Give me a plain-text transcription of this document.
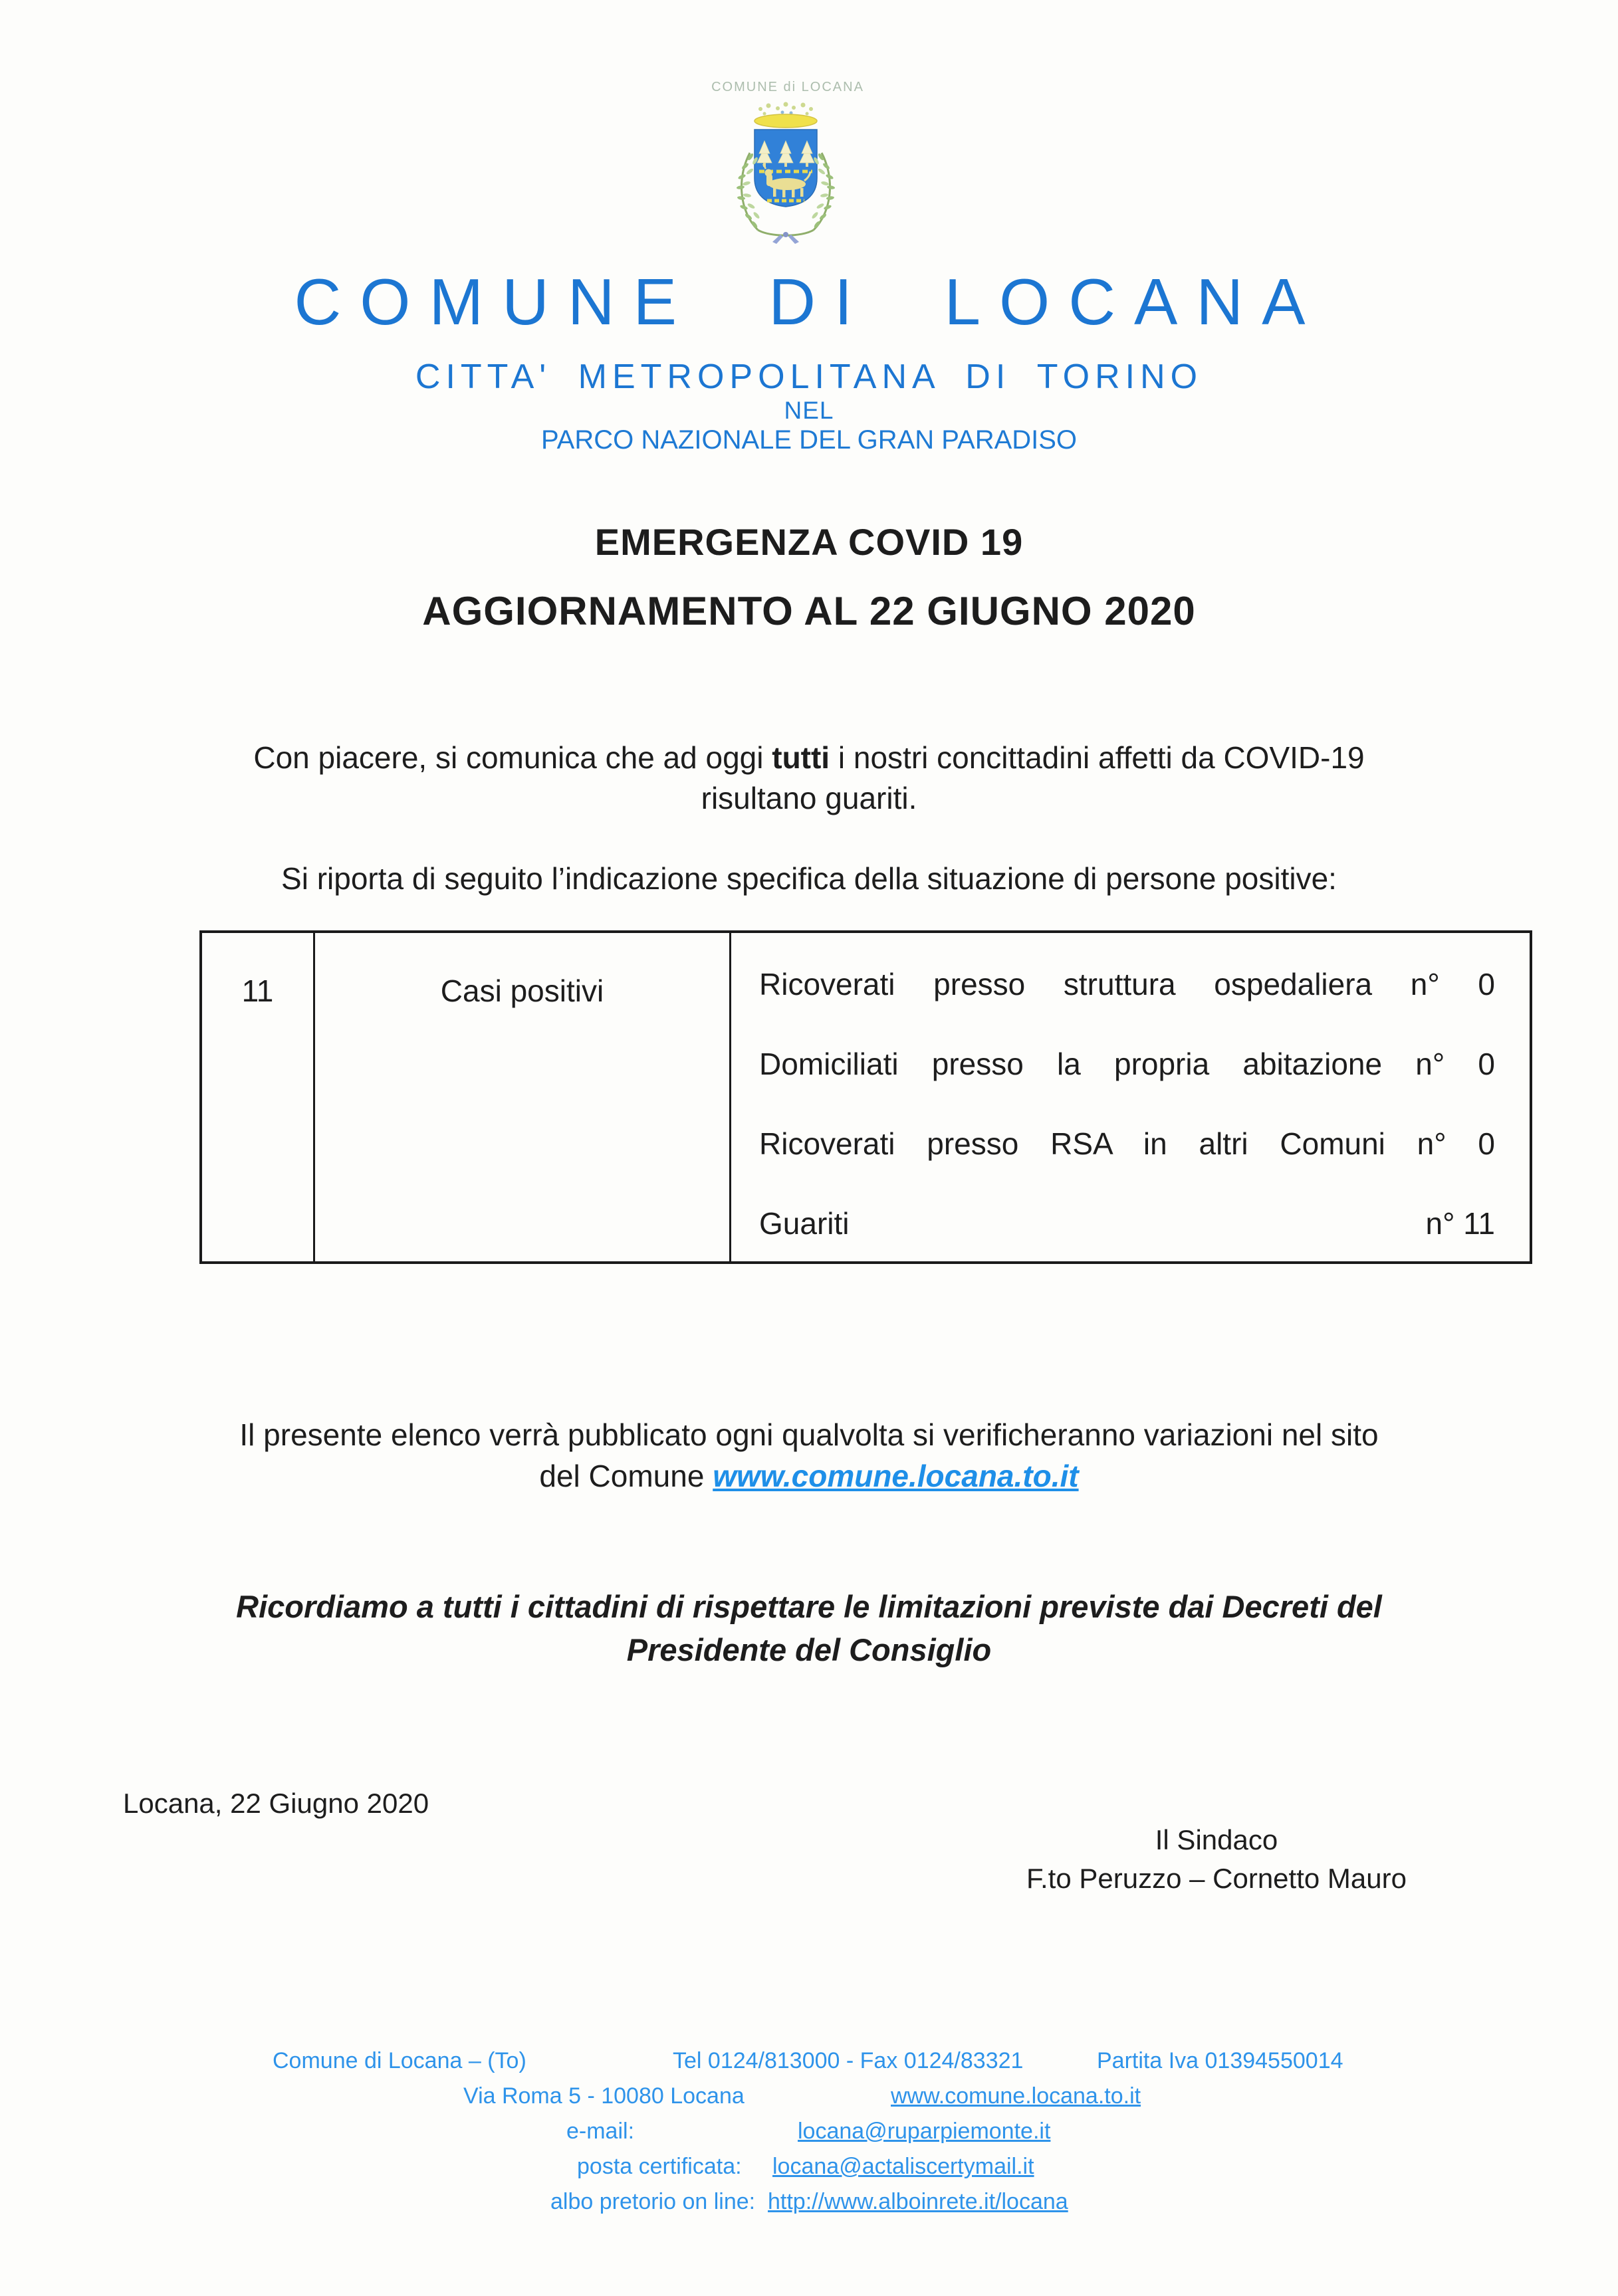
COMUNE di LOCANA
COMUNE DI LOCANA
CITTA' METROPOLITANA DI TORINO
NEL
PARCO NAZIONALE DEL GRAN PARADISO
EMERGENZA COVID 19
AGGIORNAMENTO AL 22 GIUGNO 2020
Con piacere, si comunica che ad oggi tutti i nostri concittadini affetti da COVID-19
risultano guariti.
Si riporta di seguito l’indicazione specifica della situazione di persone positive:
11	Casi positivi	Ricoverati presso struttura ospedaliera n° 0
Domiciliati presso la propria abitazione n° 0
Ricoverati presso RSA in altri Comuni n° 0
Guariti	n° 11
Il presente elenco verrà pubblicato ogni qualvolta si verificheranno variazioni nel sito
del Comune www.comune.locana.to.it
Ricordiamo a tutti i cittadini di rispettare le limitazioni previste dai Decreti del
Presidente del Consiglio
Locana, 22 Giugno 2020
Il Sindaco
F.to Peruzzo – Cornetto Mauro
Comune di Locana – (To)	Tel 0124/813000 - Fax 0124/83321	Partita Iva 01394550014
Via Roma 5 - 10080 Locana	www.comune.locana.to.it
e-mail:	locana@ruparpiemonte.it
posta certificata: locana@actaliscertymail.it
albo pretorio on line: http://www.alboinrete.it/locana
